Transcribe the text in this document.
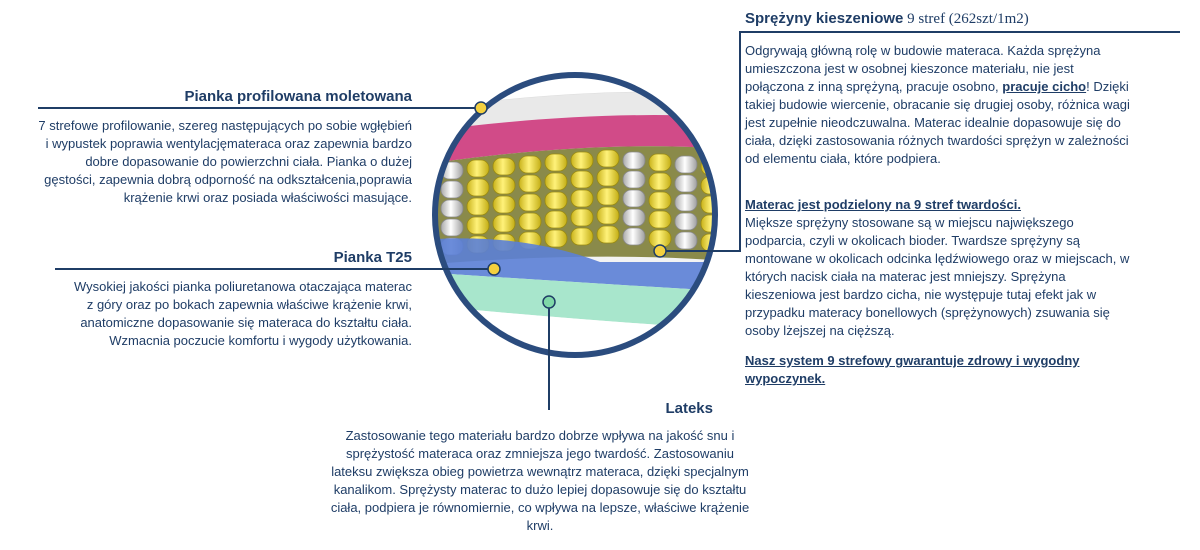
Pianka profilowana moletowana

7 strefowe profilowanie, szereg następujących po sobie wgłębień i wypustek poprawia wentylacjęmateraca oraz zapewnia bardzo dobre dopasowanie do powierzchni ciała. Pianka o dużej gęstości, zapewnia dobrą odporność na odkształcenia,poprawia krążenie krwi oraz posiada właściwości masujące.

Pianka T25

Wysokiej jakości pianka poliuretanowa otaczająca materac z góry oraz po bokach zapewnia właściwe krążenie krwi, anatomiczne dopasowanie się materaca do kształtu ciała. Wzmacnia poczucie komfortu i wygody użytkowania.

Lateks

Zastosowanie tego materiału bardzo dobrze wpływa na jakość snu i sprężystość materaca oraz zmniejsza jego twardość. Zastosowaniu lateksu zwiększa obieg powietrza wewnątrz materaca, dzięki specjalnym kanalikom. Sprężysty materac to dużo lepiej dopasowuje się do kształtu ciała, podpiera je równomiernie, co wpływa na lepsze, właściwe krążenie krwi.

Sprężyny kieszeniowe 9 stref (262szt/1m2)

Odgrywają główną rolę w budowie materaca. Każda sprężyna umieszczona jest w osobnej kieszonce materiału, nie jest połączona z inną sprężyną, pracuje osobno, pracuje cicho! Dzięki takiej budowie wiercenie, obracanie się drugiej osoby, różnica wagi jest zupełnie nieodczuwalna. Materac idealnie dopasowuje się do ciała, dzięki zastosowania różnych twardości sprężyn w zależności od elementu ciała, które podpiera.

Materac jest podzielony na 9 stref twardości.
Miększe sprężyny stosowane są w miejscu największego podparcia, czyli w okolicach bioder. Twardsze sprężyny są montowane w okolicach odcinka lędźwiowego oraz w miejscach, w których nacisk ciała na materac jest mniejszy. Sprężyna kieszeniowa jest bardzo cicha, nie występuje tutaj efekt jak w przypadku materacy bonellowych (sprężynowych) zsuwania się osoby lżejszej na cięższą.

Nasz system 9 strefowy gwarantuje zdrowy i wygodny wypoczynek.
